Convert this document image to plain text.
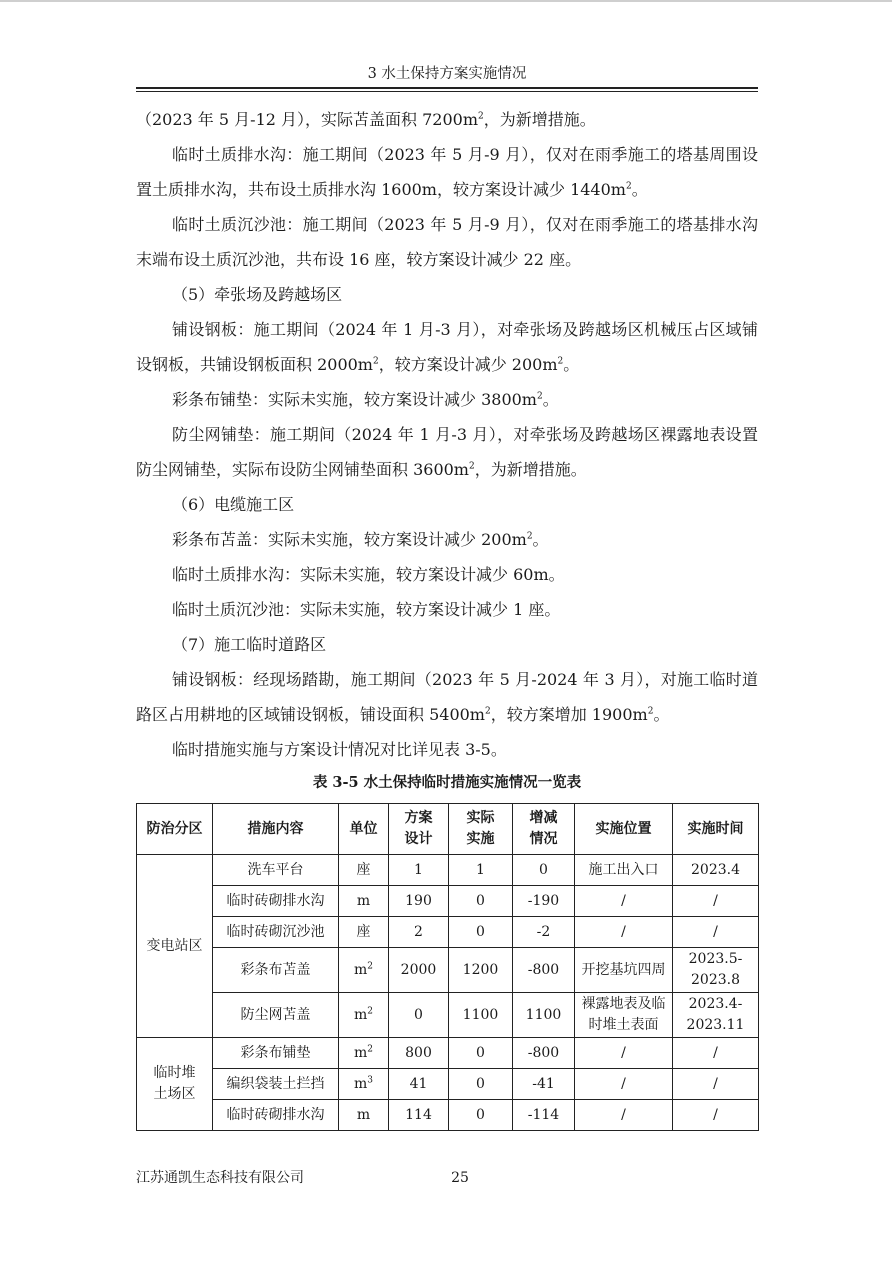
3 水土保持方案实施情况

（2023 年 5 月-12 月），实际苫盖面积 $7200m^2$，为新增措施。

临时土质排水沟：施工期间（2023 年 5 月-9 月），仅对在雨季施工的塔基周围设置土质排水沟，共布设土质排水沟 1600m，较方案设计减少 $1440m^2$。

临时土质沉沙池：施工期间（2023 年 5 月-9 月），仅对在雨季施工的塔基排水沟末端布设土质沉沙池，共布设 16 座，较方案设计减少 22 座。

（5）牵张场及跨越场区

铺设钢板：施工期间（2024 年 1 月-3 月），对牵张场及跨越场区机械压占区域铺设钢板，共铺设钢板面积 $2000m^2$，较方案设计减少 $200m^2$。

彩条布铺垫：实际未实施，较方案设计减少 $3800m^2$。

防尘网铺垫：施工期间（2024 年 1 月-3 月），对牵张场及跨越场区裸露地表设置防尘网铺垫，实际布设防尘网铺垫面积 $3600m^2$，为新增措施。

（6）电缆施工区

彩条布苫盖：实际未实施，较方案设计减少 $200m^2$。

临时土质排水沟：实际未实施，较方案设计减少 60m。

临时土质沉沙池：实际未实施，较方案设计减少 1 座。

（7）施工临时道路区

铺设钢板：经现场踏勘，施工期间（2023 年 5 月-2024 年 3 月），对施工临时道路区占用耕地的区域铺设钢板，铺设面积 $5400m^2$，较方案增加 $1900m^2$。

临时措施实施与方案设计情况对比详见表 3-5。

表 3-5 水土保持临时措施实施情况一览表
防治分区	措施内容	单位	方案设计	实际实施	增减情况	实施位置	实施时间
变电站区	洗车平台	座	1	1	0	施工出入口	2023.4
	临时砖砌排水沟	m	190	0	-190	/	/
	临时砖砌沉沙池	座	2	0	-2	/	/
	彩条布苫盖	$m^2$	2000	1200	-800	开挖基坑四周	2023.5-2023.8
	防尘网苫盖	$m^2$	0	1100	1100	裸露地表及临时堆土表面	2023.4-2023.11
临时堆土场区	彩条布铺垫	$m^2$	800	0	-800	/	/
	编织袋装土拦挡	$m^3$	41	0	-41	/	/
	临时砖砌排水沟	m	114	0	-114	/	/
江苏通凯生态科技有限公司	25
